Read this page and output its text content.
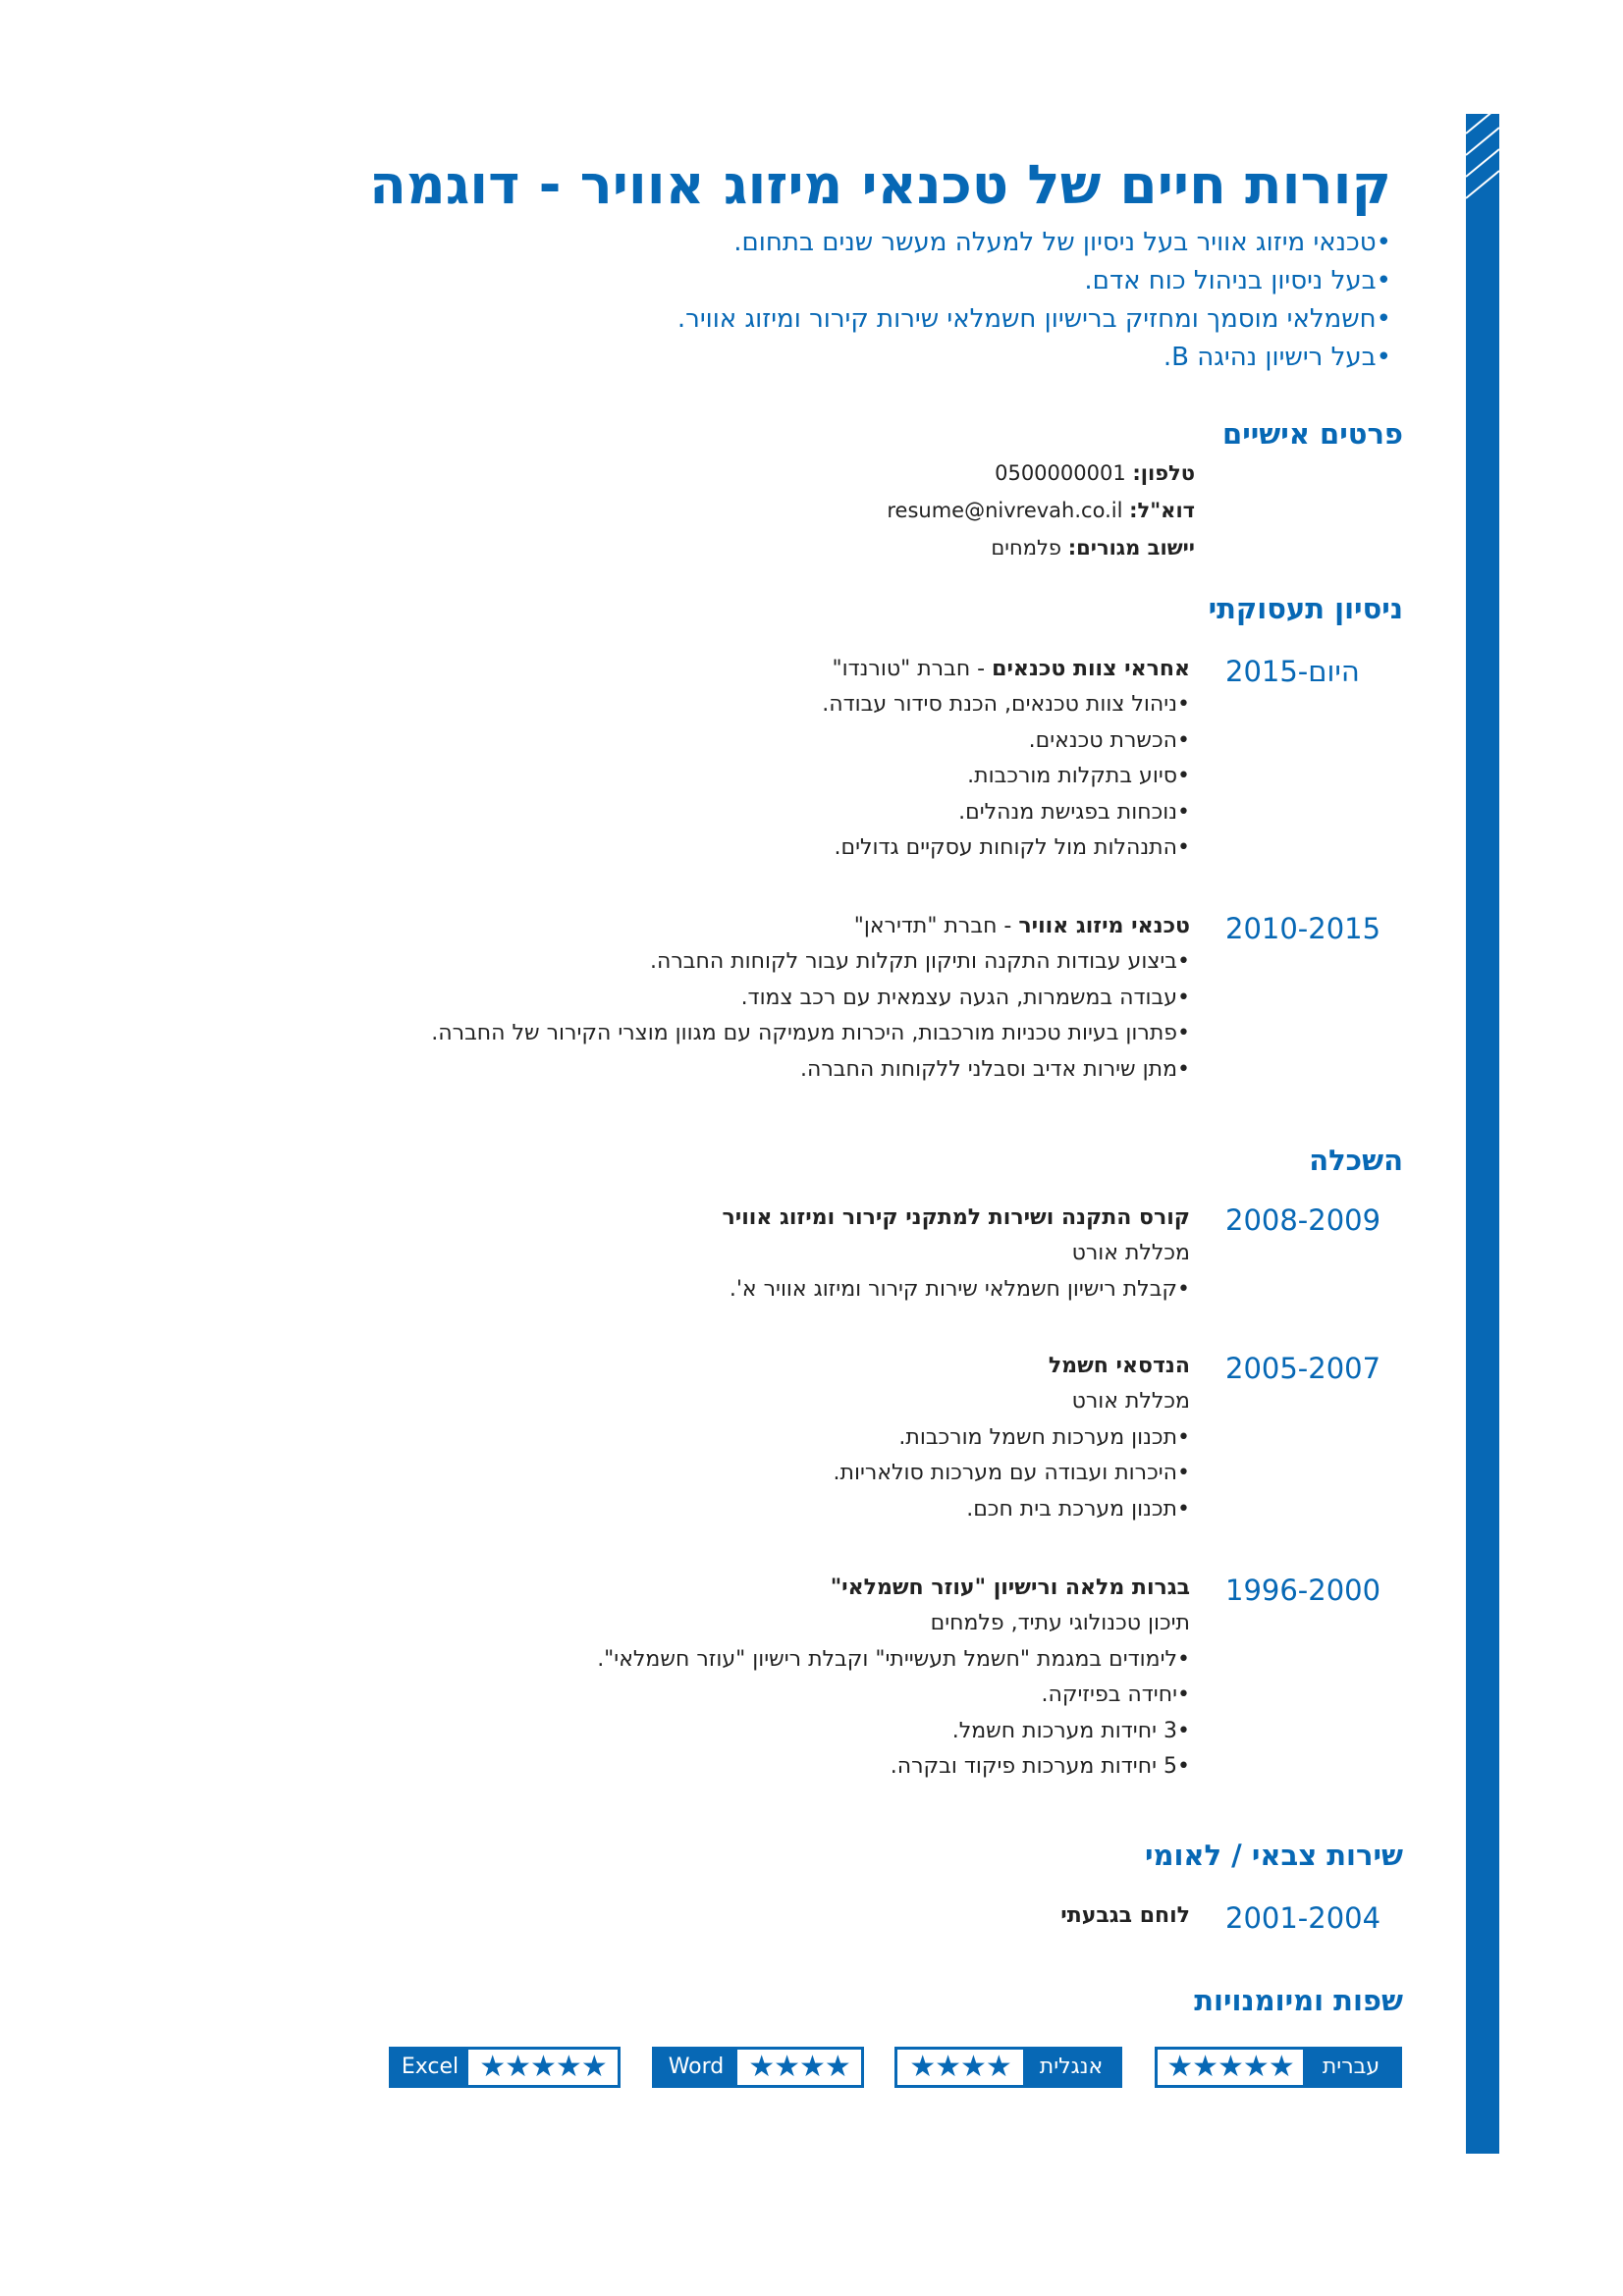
קורות חיים של טכנאי מיזוג אוויר - דוגמה
•טכנאי מיזוג אוויר בעל ניסיון של למעלה מעשר שנים בתחום.
•בעל ניסיון בניהול כוח אדם.
•חשמלאי מוסמך ומחזיק ברישיון חשמלאי שירות קירור ומיזוג אוויר.
•בעל רישיון נהיגה B.
פרטים אישיים
טלפון: 0500000001
דוא"ל: resume@nivrevah.co.il
יישוב מגורים: פלמחים
ניסיון תעסוקתי
2015-היום
אחראי צוות טכנאים - חברת "טורנדו"
•ניהול צוות טכנאים, הכנת סידור עבודה.
•הכשרת טכנאים.
•סיוע בתקלות מורכבות.
•נוכחות בפגישת מנהלים.
•התנהלות מול לקוחות עסקיים גדולים.
2010-2015
טכנאי מיזוג אוויר - חברת "תדיראן"
•ביצוע עבודות התקנה ותיקון תקלות עבור לקוחות החברה.
•עבודה במשמרות, הגעה עצמאית עם רכב צמוד.
•פתרון בעיות טכניות מורכבות, היכרות מעמיקה עם מגוון מוצרי הקירור של החברה.
•מתן שירות אדיב וסבלני ללקוחות החברה.
השכלה
2008-2009
קורס התקנה ושירות למתקני קירור ומיזוג אוויר
מכללת אורט
•קבלת רישיון חשמלאי שירות קירור ומיזוג אוויר א'.
2005-2007
הנדסאי חשמל
מכללת אורט
•תכנון מערכות חשמל מורכבות.
•היכרות ועבודה עם מערכות סולאריות.
•תכנון מערכת בית חכם.
1996-2000
בגרות מלאה ורישיון "עוזר חשמלאי"
תיכון טכנולוגי עתיד, פלמחים
•לימודים במגמת "חשמל תעשייתי" וקבלת רישיון "עוזר חשמלאי".
•יחידה בפיזיקה.
•3 יחידות מערכות חשמל.
•5 יחידות מערכות פיקוד ובקרה.
שירות צבאי / לאומי
2001-2004
לוחם בגבעתי
שפות ומיומנויות
★★★★★	עברית
★★★★	אנגלית
Word ★★★★
Excel ★★★★★
